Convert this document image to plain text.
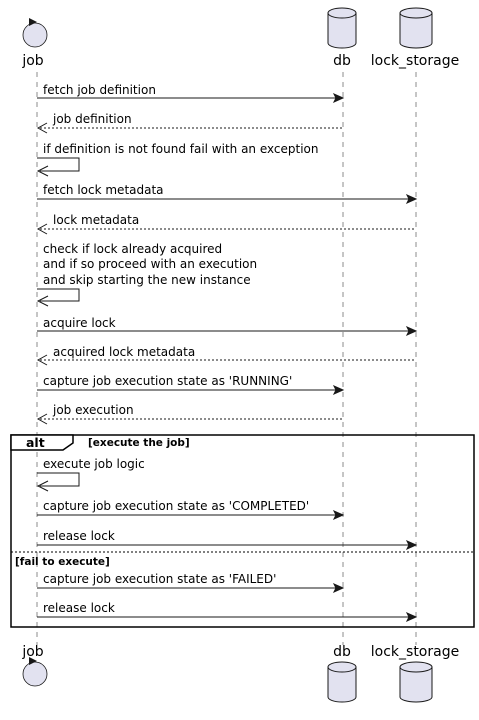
job	db lock_storage
fetch job definition
job definition
if definition is not found fail with an exception
fetch lock metadata
lock metadata
check if lock already acquired
and if so proceed with an execution
and skip starting the new instance
acquire lock
acquired lock metadata
capture job execution state as 'RUNNING'
job execution
alt	[execute the job]
[fail to execute]
execute job logic
capture job execution state as 'COMPLETED'
release lock
capture job execution state as 'FAILED'
release lock
job	db lock_storage
